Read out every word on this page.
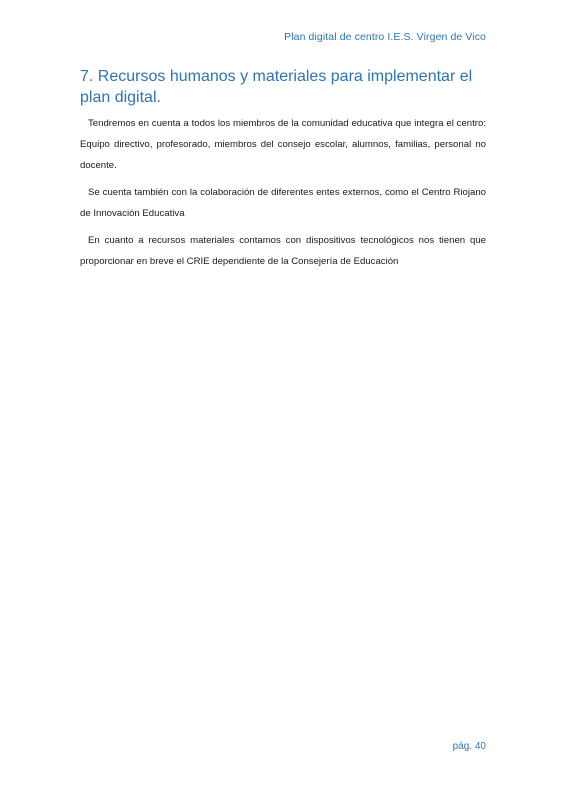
Plan digital de centro I.E.S. Virgen de Vico
7. Recursos humanos y materiales para implementar el plan digital.

Tendremos en cuenta a todos los miembros de la comunidad educativa que integra el centro: Equipo directivo, profesorado, miembros del consejo escolar, alumnos, familias, personal no docente.

Se cuenta también con la colaboración de diferentes entes externos, como el Centro Riojano de Innovación Educativa

En cuanto a recursos materiales contamos con dispositivos tecnológicos nos tienen que proporcionar en breve el CRIE dependiente de la Consejería de Educación

pág. 40
